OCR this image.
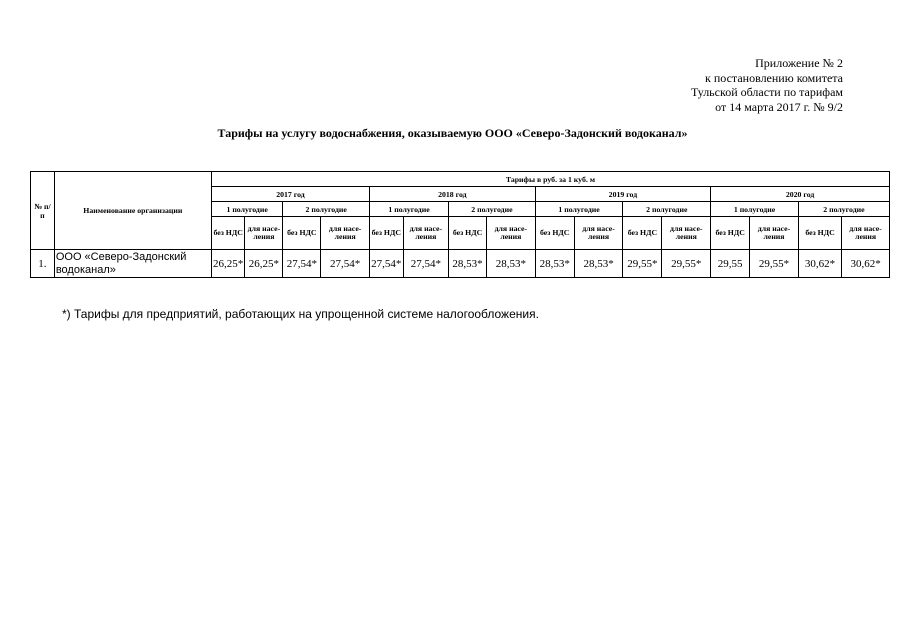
Приложение № 2
к постановлению комитета
Тульской области по тарифам
от 14 марта 2017 г. № 9/2
Тарифы на услугу водоснабжения, оказываемую ООО «Северо-Задонский водоканал»
№ п/п	Наименование организации	Тарифы в руб. за 1 куб. м															
		2017 год				2018 год				2019 год				2020 год			
		1 полугодие		2 полугодие		1 полугодие		2 полугодие		1 полугодие		2 полугодие		1 полугодие		2 полугодие	
		без НДС	для насе-ления	без НДС	для насе-ления	без НДС	для насе-ления	без НДС	для насе-ления	без НДС	для насе-ления	без НДС	для насе-ления	без НДС	для насе-ления	без НДС	для насе-ления
1.	ООО «Северо-Задонский водоканал»	26,25*	26,25*	27,54*	27,54*	27,54*	27,54*	28,53*	28,53*	28,53*	28,53*	29,55*	29,55*	29,55	29,55*	30,62*	30,62*
*) Тарифы для предприятий, работающих на упрощенной системе налогообложения.
